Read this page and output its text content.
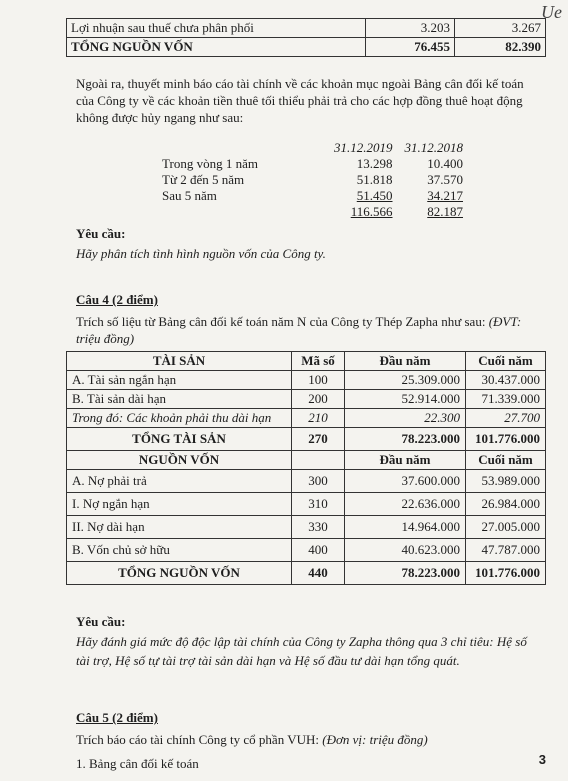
Ue
Lợi nhuận sau thuế chưa phân phối	3.203	3.267
TỔNG NGUỒN VỐN	76.455	82.390
Ngoài ra, thuyết minh báo cáo tài chính về các khoản mục ngoài Bảng cân đối kế toán
của Công ty về các khoản tiền thuê tối thiểu phải trả cho các hợp đồng thuê hoạt động
không được hủy ngang như sau:
	31.12.2019	31.12.2018
Trong vòng 1 năm	13.298	10.400
Từ 2 đến 5 năm	51.818	37.570
Sau 5 năm	51.450	34.217
	116.566	82.187
Yêu cầu:
Hãy phân tích tình hình nguồn vốn của Công ty.
Câu 4 (2 điểm)
Trích số liệu từ Bảng cân đối kế toán năm N của Công ty Thép Zapha như sau: (ĐVT:
triệu đồng)
TÀI SẢN	Mã số	Đầu năm	Cuối năm
A. Tài sản ngắn hạn	100	25.309.000	30.437.000
B. Tài sản dài hạn	200	52.914.000	71.339.000
Trong đó: Các khoản phải thu dài hạn	210	22.300	27.700
TỔNG TÀI SẢN	270	78.223.000	101.776.000
NGUỒN VỐN		Đầu năm	Cuối năm
A. Nợ phải trả	300	37.600.000	53.989.000
I. Nợ ngắn hạn	310	22.636.000	26.984.000
II. Nợ dài hạn	330	14.964.000	27.005.000
B. Vốn chủ sở hữu	400	40.623.000	47.787.000
TỔNG NGUỒN VỐN	440	78.223.000	101.776.000
Yêu cầu:
Hãy đánh giá mức độ độc lập tài chính của Công ty Zapha thông qua 3 chỉ tiêu: Hệ số
tài trợ, Hệ số tự tài trợ tài sản dài hạn và Hệ số đầu tư dài hạn tổng quát.
Câu 5 (2 điểm)
Trích báo cáo tài chính Công ty cổ phần VUH: (Đơn vị: triệu đồng)
1. Bảng cân đối kế toán	3
